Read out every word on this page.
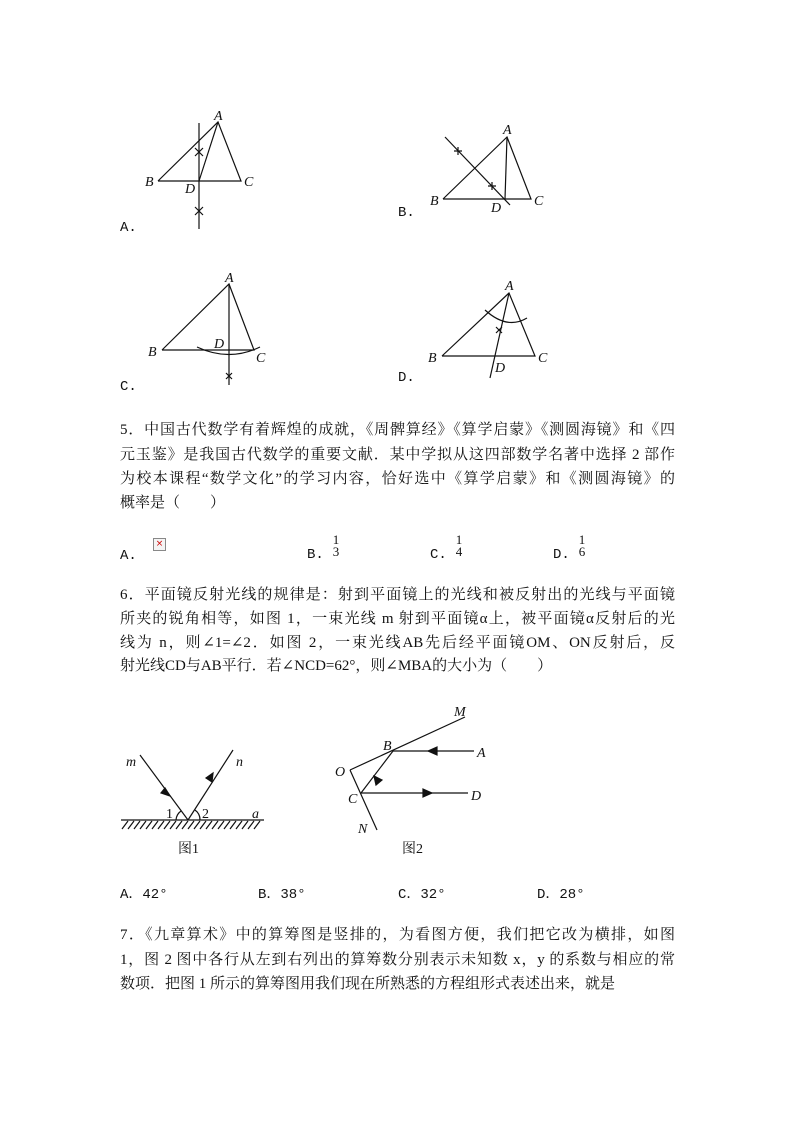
A
B	C
D
A
B	C
D
A
B	C
D
A
B	C
D
m	n
1 2	a
图1
M
B	A
O
C	D
N
图2
A.
B.
C.
D.
5．中国古代数学有着辉煌的成就，《周髀算经》《算学启蒙》《测圆海镜》和《四
元玉鉴》是我国古代数学的重要文献．某中学拟从这四部数学名著中选择 2 部作
为校本课程“数学文化”的学习内容，恰好选中《算学启蒙》和《测圆海镜》的
概率是（　　）
A.
×
B.
1
3	C.
1
4	D.
1
6
6．平面镜反射光线的规律是：射到平面镜上的光线和被反射出的光线与平面镜
所夹的锐角相等，如图 1，一束光线 m 射到平面镜α上，被平面镜α反射后的光
线为 n，则∠1=∠2．如图 2，一束光线AB先后经平面镜OM、ON反射后，反
射光线CD与AB平行．若∠NCD=62°，则∠MBA的大小为（　　）
A．42°	B．38°	C．32°	D．28°
7．《九章算术》中的算筹图是竖排的，为看图方便，我们把它改为横排，如图
1，图 2 图中各行从左到右列出的算筹数分别表示未知数 x，y 的系数与相应的常
数项．把图 1 所示的算筹图用我们现在所熟悉的方程组形式表述出来，就是
